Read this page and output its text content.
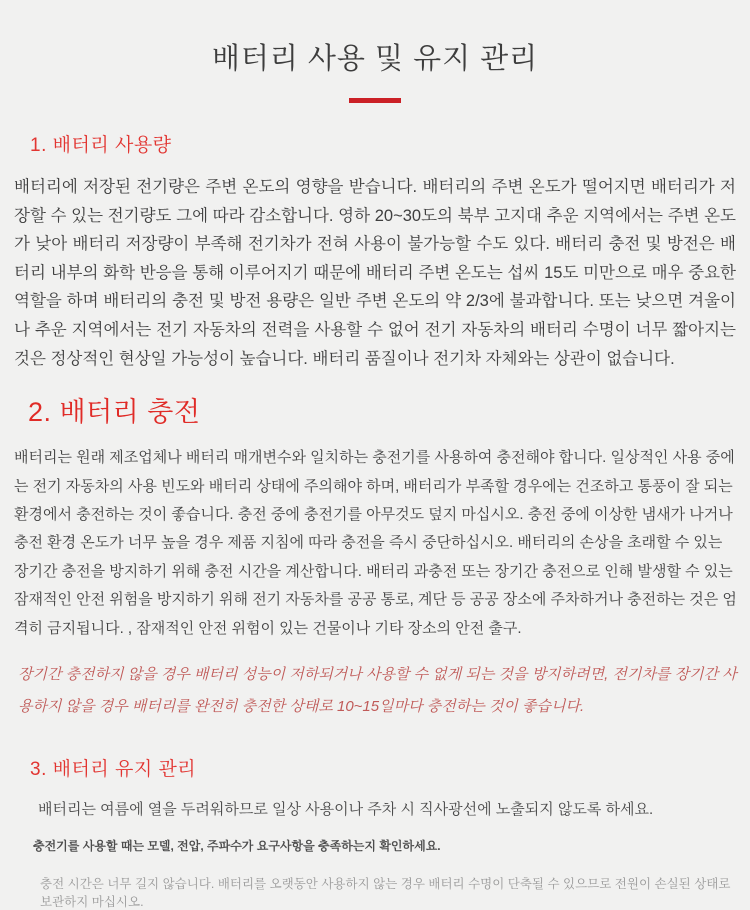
배터리 사용 및 유지 관리
1. 배터리 사용량

배터리에 저장된 전기량은 주변 온도의 영향을 받습니다. 배터리의 주변 온도가 떨어지면 배터리가 저장할 수 있는 전기량도 그에 따라 감소합니다. 영하 20~30도의 북부 고지대 추운 지역에서는 주변 온도가 낮아 배터리 저장량이 부족해 전기차가 전혀 사용이 불가능할 수도 있다. 배터리 충전 및 방전은 배터리 내부의 화학 반응을 통해 이루어지기 때문에 배터리 주변 온도는 섭씨 15도 미만으로 매우 중요한 역할을 하며 배터리의 충전 및 방전 용량은 일반 주변 온도의 약 2/3에 불과합니다. 또는 낮으면 겨울이나 추운 지역에서는 전기 자동차의 전력을 사용할 수 없어 전기 자동차의 배터리 수명이 너무 짧아지는 것은 정상적인 현상일 가능성이 높습니다. 배터리 품질이나 전기차 자체와는 상관이 없습니다.

2. 배터리 충전

배터리는 원래 제조업체나 배터리 매개변수와 일치하는 충전기를 사용하여 충전해야 합니다. 일상적인 사용 중에는 전기 자동차의 사용 빈도와 배터리 상태에 주의해야 하며, 배터리가 부족할 경우에는 건조하고 통풍이 잘 되는 환경에서 충전하는 것이 좋습니다. 충전 중에 충전기를 아무것도 덮지 마십시오. 충전 중에 이상한 냄새가 나거나 충전 환경 온도가 너무 높을 경우 제품 지침에 따라 충전을 즉시 중단하십시오. 배터리의 손상을 초래할 수 있는 장기간 충전을 방지하기 위해 충전 시간을 계산합니다. 배터리 과충전 또는 장기간 충전으로 인해 발생할 수 있는 잠재적인 안전 위험을 방지하기 위해 전기 자동차를 공공 통로, 계단 등 공공 장소에 주차하거나 충전하는 것은 엄격히 금지됩니다. , 잠재적인 안전 위험이 있는 건물이나 기타 장소의 안전 출구.

장기간 충전하지 않을 경우 배터리 성능이 저하되거나 사용할 수 없게 되는 것을 방지하려면, 전기차를 장기간 사용하지 않을 경우 배터리를 완전히 충전한 상태로 10~15일마다 충전하는 것이 좋습니다.

3. 배터리 유지 관리

배터리는 여름에 열을 두려워하므로 일상 사용이나 주차 시 직사광선에 노출되지 않도록 하세요.

충전기를 사용할 때는 모델, 전압, 주파수가 요구사항을 충족하는지 확인하세요.

충전 시간은 너무 길지 않습니다. 배터리를 오랫동안 사용하지 않는 경우 배터리 수명이 단축될 수 있으므로 전원이 손실된 상태로 보관하지 마십시오.
